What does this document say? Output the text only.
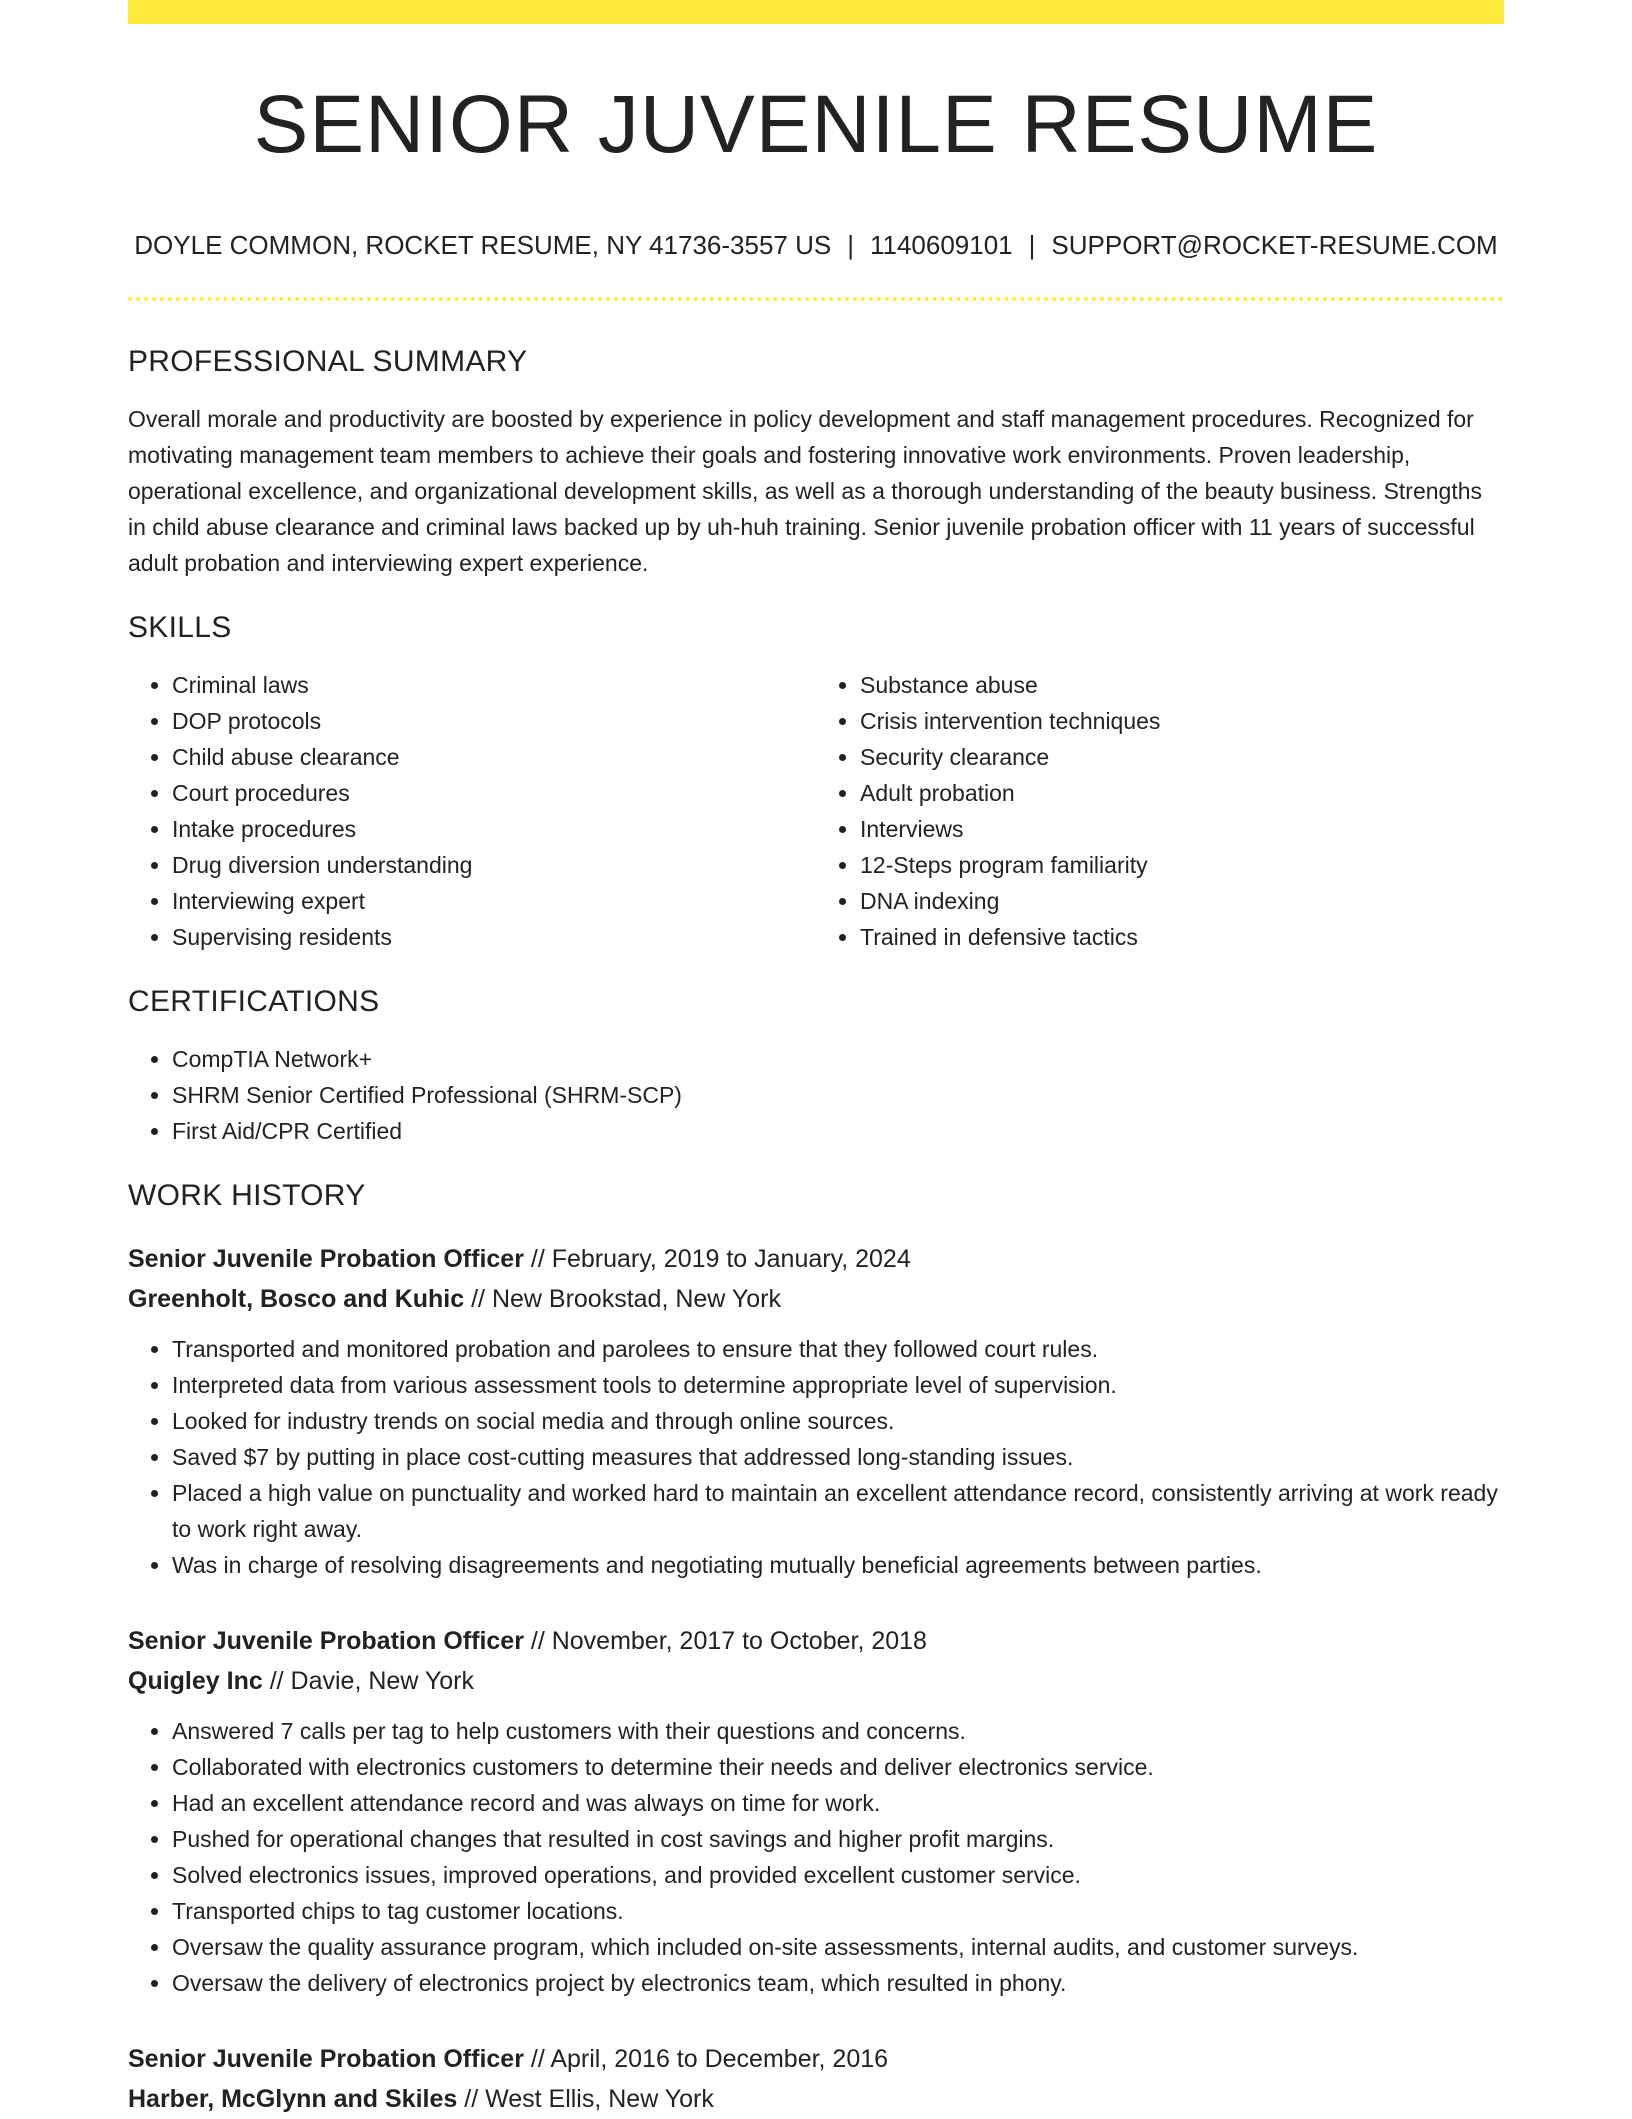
SENIOR JUVENILE RESUME
DOYLE COMMON, ROCKET RESUME, NY 41736-3557 US | 1140609101 | SUPPORT@ROCKET-RESUME.COM
PROFESSIONAL SUMMARY

Overall morale and productivity are boosted by experience in policy development and staff management procedures. Recognized for motivating management team members to achieve their goals and fostering innovative work environments. Proven leadership, operational excellence, and organizational development skills, as well as a thorough understanding of the beauty business. Strengths in child abuse clearance and criminal laws backed up by uh-huh training. Senior juvenile probation officer with 11 years of successful adult probation and interviewing expert experience.

SKILLS
• Criminal laws
• DOP protocols
• Child abuse clearance
• Court procedures
• Intake procedures
• Drug diversion understanding
• Interviewing expert
• Supervising residents
• Substance abuse
• Crisis intervention techniques
• Security clearance
• Adult probation
• Interviews
• 12-Steps program familiarity
• DNA indexing
• Trained in defensive tactics
CERTIFICATIONS
• CompTIA Network+
• SHRM Senior Certified Professional (SHRM-SCP)
• First Aid/CPR Certified
WORK HISTORY
Senior Juvenile Probation Officer // February, 2019 to January, 2024
Greenholt, Bosco and Kuhic // New Brookstad, New York
• Transported and monitored probation and parolees to ensure that they followed court rules.
• Interpreted data from various assessment tools to determine appropriate level of supervision.
• Looked for industry trends on social media and through online sources.
• Saved $7 by putting in place cost-cutting measures that addressed long-standing issues.
• Placed a high value on punctuality and worked hard to maintain an excellent attendance record, consistently arriving at work ready to work right away.
• Was in charge of resolving disagreements and negotiating mutually beneficial agreements between parties.
Senior Juvenile Probation Officer // November, 2017 to October, 2018
Quigley Inc // Davie, New York
• Answered 7 calls per tag to help customers with their questions and concerns.
• Collaborated with electronics customers to determine their needs and deliver electronics service.
• Had an excellent attendance record and was always on time for work.
• Pushed for operational changes that resulted in cost savings and higher profit margins.
• Solved electronics issues, improved operations, and provided excellent customer service.
• Transported chips to tag customer locations.
• Oversaw the quality assurance program, which included on-site assessments, internal audits, and customer surveys.
• Oversaw the delivery of electronics project by electronics team, which resulted in phony.
Senior Juvenile Probation Officer // April, 2016 to December, 2016
Harber, McGlynn and Skiles // West Ellis, New York
